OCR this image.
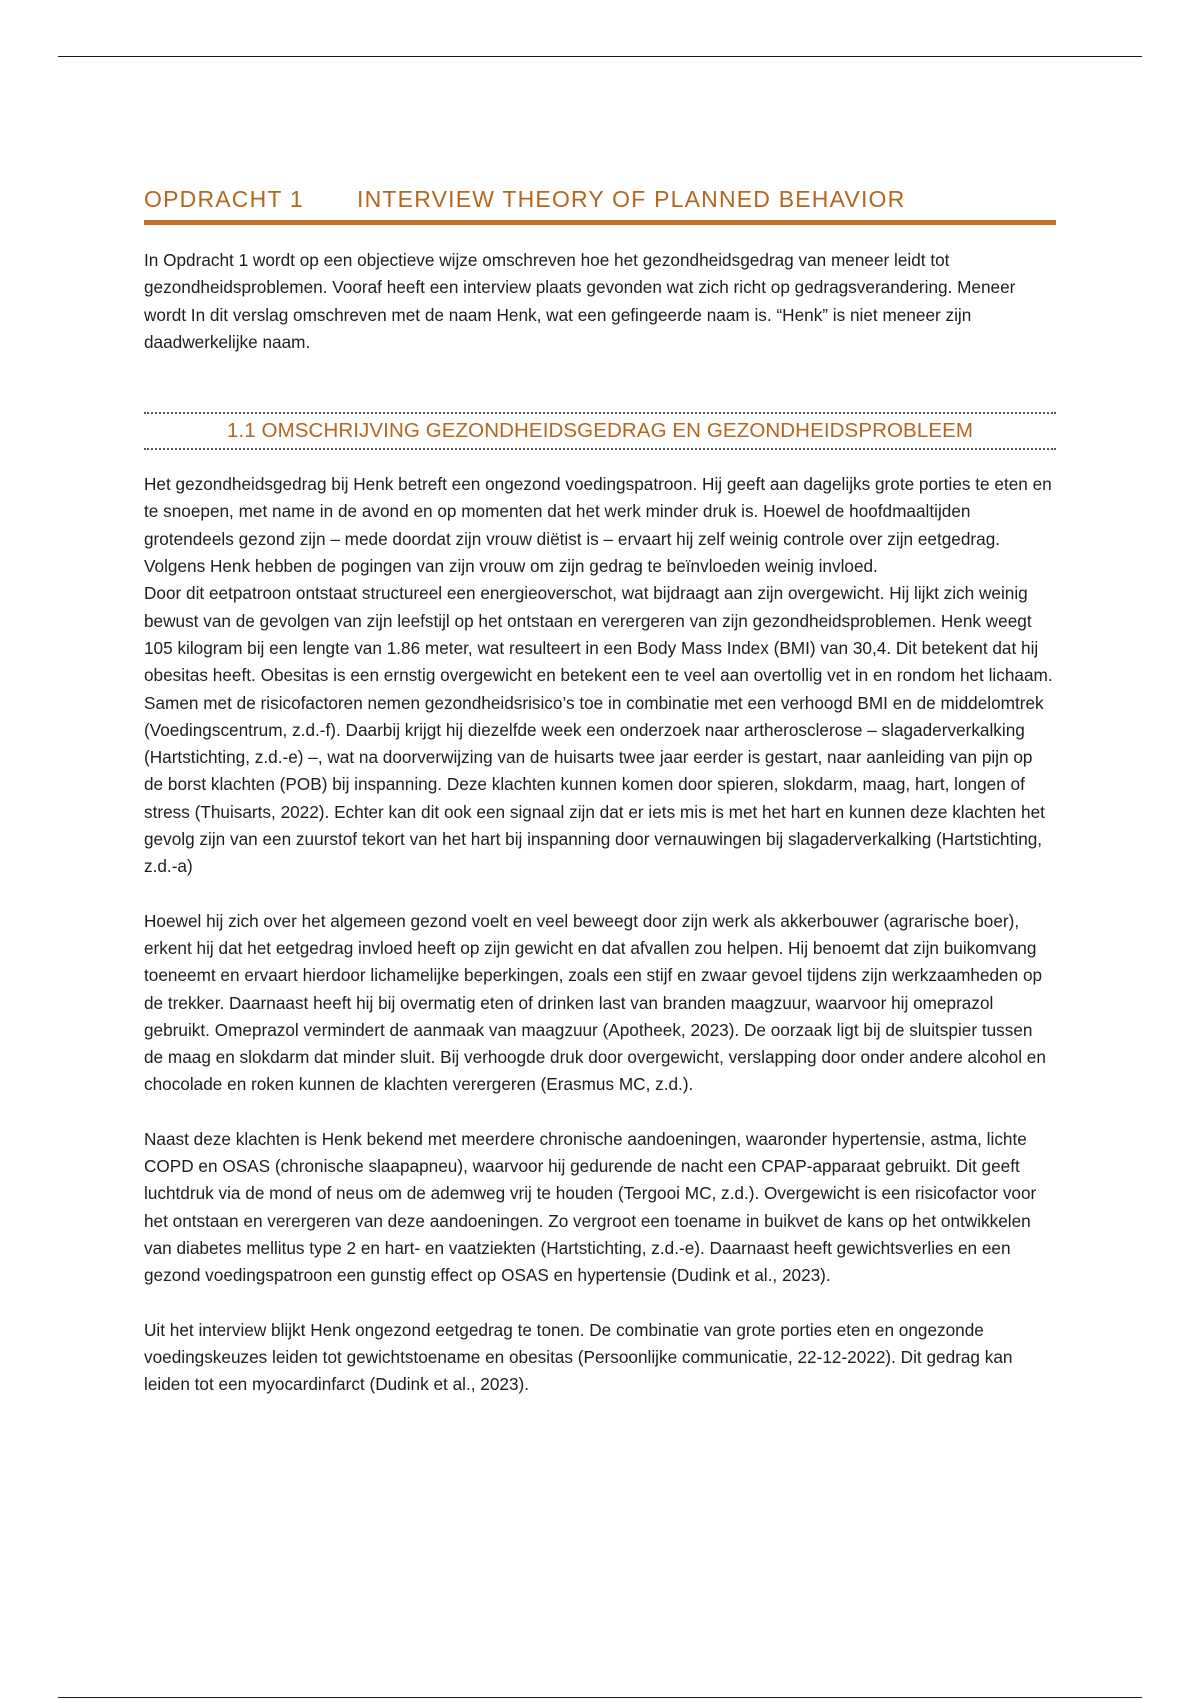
OPDRACHT 1	INTERVIEW THEORY OF PLANNED BEHAVIOR

In Opdracht 1 wordt op een objectieve wijze omschreven hoe het gezondheidsgedrag van meneer leidt tot gezondheidsproblemen. Vooraf heeft een interview plaats gevonden wat zich richt op gedragsverandering. Meneer wordt In dit verslag omschreven met de naam Henk, wat een gefingeerde naam is. “Henk” is niet meneer zijn daadwerkelijke naam.

1.1 OMSCHRIJVING GEZONDHEIDSGEDRAG EN GEZONDHEIDSPROBLEEM

Het gezondheidsgedrag bij Henk betreft een ongezond voedingspatroon. Hij geeft aan dagelijks grote porties te eten en te snoepen, met name in de avond en op momenten dat het werk minder druk is. Hoewel de hoofdmaaltijden grotendeels gezond zijn – mede doordat zijn vrouw diëtist is – ervaart hij zelf weinig controle over zijn eetgedrag. Volgens Henk hebben de pogingen van zijn vrouw om zijn gedrag te beïnvloeden weinig invloed.

Door dit eetpatroon ontstaat structureel een energieoverschot, wat bijdraagt aan zijn overgewicht. Hij lijkt zich weinig bewust van de gevolgen van zijn leefstijl op het ontstaan en verergeren van zijn gezondheidsproblemen. Henk weegt 105 kilogram bij een lengte van 1.86 meter, wat resulteert in een Body Mass Index (BMI) van 30,4. Dit betekent dat hij obesitas heeft. Obesitas is een ernstig overgewicht en betekent een te veel aan overtollig vet in en rondom het lichaam. Samen met de risicofactoren nemen gezondheidsrisico’s toe in combinatie met een verhoogd BMI en de middelomtrek (Voedingscentrum, z.d.-f). Daarbij krijgt hij diezelfde week een onderzoek naar artherosclerose – slagaderverkalking (Hartstichting, z.d.-e) –, wat na doorverwijzing van de huisarts twee jaar eerder is gestart, naar aanleiding van pijn op de borst klachten (POB) bij inspanning. Deze klachten kunnen komen door spieren, slokdarm, maag, hart, longen of stress (Thuisarts, 2022). Echter kan dit ook een signaal zijn dat er iets mis is met het hart en kunnen deze klachten het gevolg zijn van een zuurstof tekort van het hart bij inspanning door vernauwingen bij slagaderverkalking (Hartstichting, z.d.-a)

Hoewel hij zich over het algemeen gezond voelt en veel beweegt door zijn werk als akkerbouwer (agrarische boer), erkent hij dat het eetgedrag invloed heeft op zijn gewicht en dat afvallen zou helpen. Hij benoemt dat zijn buikomvang toeneemt en ervaart hierdoor lichamelijke beperkingen, zoals een stijf en zwaar gevoel tijdens zijn werkzaamheden op de trekker. Daarnaast heeft hij bij overmatig eten of drinken last van branden maagzuur, waarvoor hij omeprazol gebruikt. Omeprazol vermindert de aanmaak van maagzuur (Apotheek, 2023). De oorzaak ligt bij de sluitspier tussen de maag en slokdarm dat minder sluit. Bij verhoogde druk door overgewicht, verslapping door onder andere alcohol en chocolade en roken kunnen de klachten verergeren (Erasmus MC, z.d.).

Naast deze klachten is Henk bekend met meerdere chronische aandoeningen, waaronder hypertensie, astma, lichte COPD en OSAS (chronische slaapapneu), waarvoor hij gedurende de nacht een CPAP-apparaat gebruikt. Dit geeft luchtdruk via de mond of neus om de ademweg vrij te houden (Tergooi MC, z.d.). Overgewicht is een risicofactor voor het ontstaan en verergeren van deze aandoeningen. Zo vergroot een toename in buikvet de kans op het ontwikkelen van diabetes mellitus type 2 en hart- en vaatziekten (Hartstichting, z.d.-e). Daarnaast heeft gewichtsverlies en een gezond voedingspatroon een gunstig effect op OSAS en hypertensie (Dudink et al., 2023).

Uit het interview blijkt Henk ongezond eetgedrag te tonen. De combinatie van grote porties eten en ongezonde voedingskeuzes leiden tot gewichtstoename en obesitas (Persoonlijke communicatie, 22-12-2022). Dit gedrag kan leiden tot een myocardinfarct (Dudink et al., 2023).
